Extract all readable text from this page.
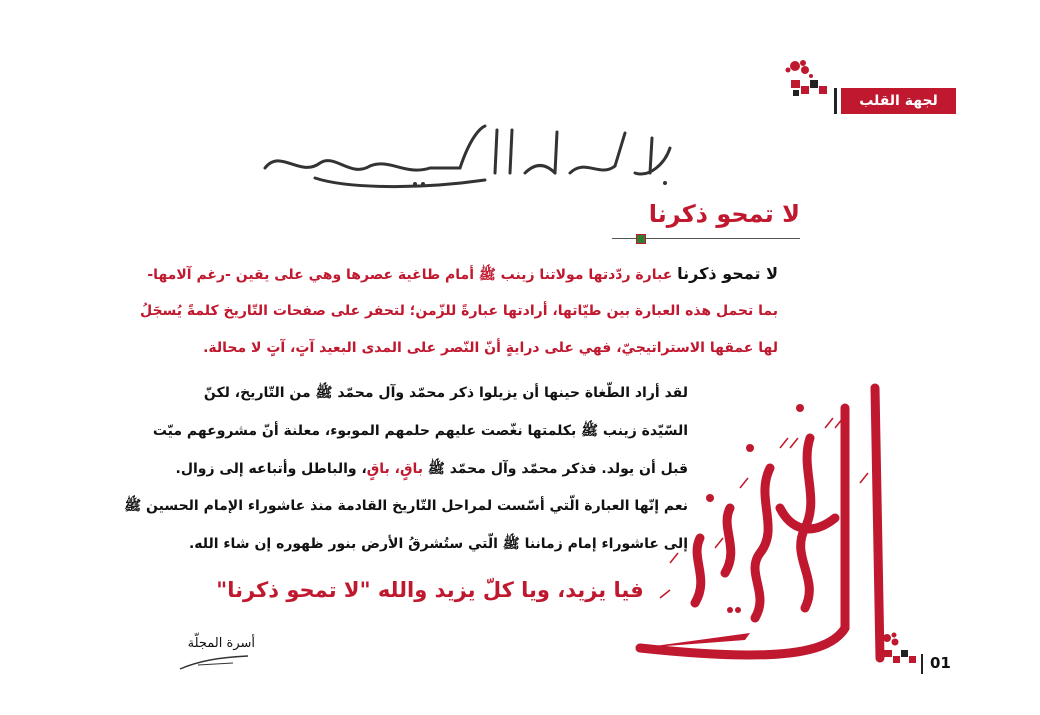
لجهة القلب
لا تمحو ذكرنا
لا تمحو ذكرنا عبارة ردّدتها مولاتنا زينب ﷺ أمام طاغية عصرها وهي على يقين -رغم آلامها-
بما تحمل هذه العبارة بين طيّاتها، أرادتها عبارةً للزّمن؛ لتحفر على صفحات التّاريخ كلمةً يُسجَلُ
لها عمقها الاستراتيجيّ، فهي على درايةٍ أنّ النّصر على المدى البعيد آتٍ، آتٍ لا محالة.
لقد أراد الطّغاة حينها أن يزيلوا ذكر محمّد وآل محمّد ﷺ من التّاريخ، لكنّ
السّيّدة زينب ﷺ بكلمتها نغّصت عليهم حلمهم الموبوء، معلنة أنّ مشروعهم ميّت
قبل أن يولد. فذكر محمّد وآل محمّد ﷺ باقٍ، باقٍ، والباطل وأتباعه إلى زوال.
نعم إنّها العبارة الّتي أسّست لمراحل التّاريخ القادمة منذ عاشوراء الإمام الحسين ﷺ
إلى عاشوراء إمام زماننا ﷺ الّتي ستُشرقُ الأرض بنور ظهوره إن شاء الله.
فيا يزيد، ويا كلّ يزيد والله "لا تمحو ذكرنا"
أسرة المجلّة
01
